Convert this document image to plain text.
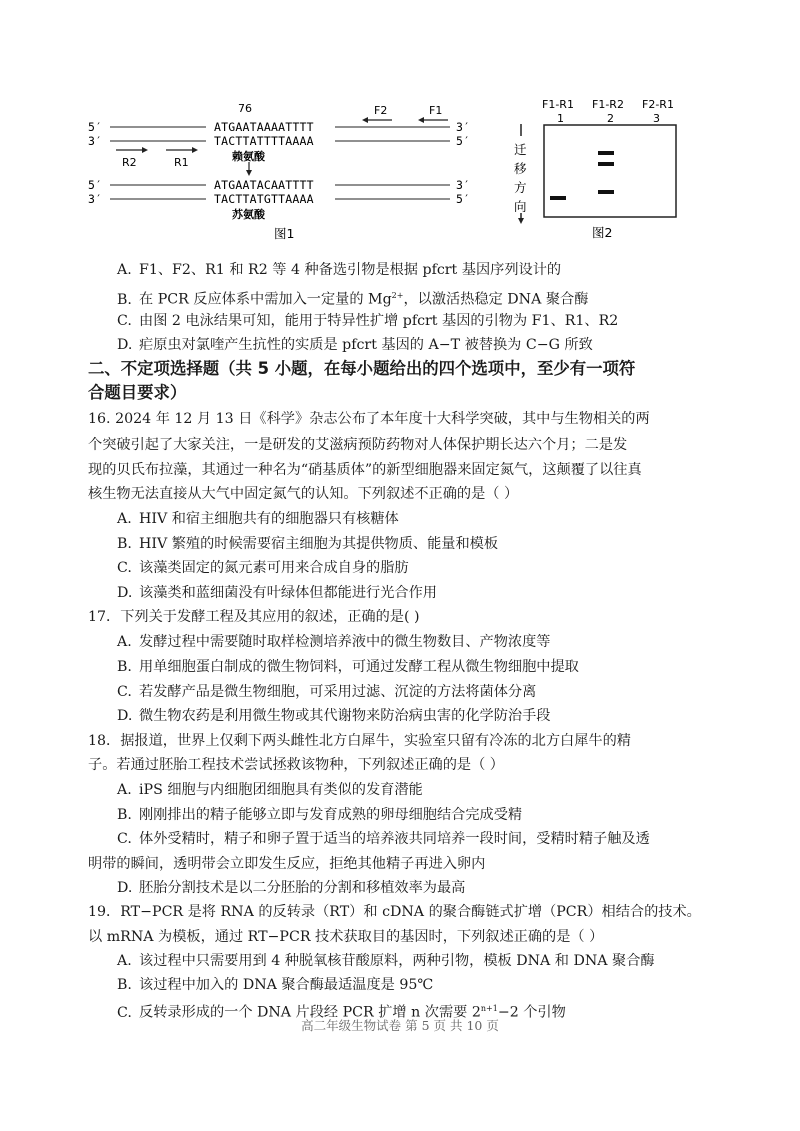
76
5′
3′
ATGAATAAAATTTT
TACTTATTTTAAAA
3′
5′
F2	F1
R2	R1	赖氨酸
5′
3′
ATGAATACAATTTT
TACTTATGTTAAAA
3′
5′
苏氨酸
图1
F1-R1 F1-R2 F2-R1
1	2	3
迁
移
方
向
图2
A. F1、F2、R1 和 R2 等 4 种备选引物是根据 pfcrt 基因序列设计的
B. 在 PCR 反应体系中需加入一定量的 $Mg^{2+}$，以激活热稳定 DNA 聚合酶
C. 由图 2 电泳结果可知，能用于特异性扩增 pfcrt 基因的引物为 F1、R1、R2
D. 疟原虫对氯喹产生抗性的实质是 pfcrt 基因的 A−T 被替换为 C−G 所致
二、不定项选择题（共 5 小题，在每小题给出的四个选项中，至少有一项符
合题目要求）
16. 2024 年 12 月 13 日《科学》杂志公布了本年度十大科学突破，其中与生物相关的两
个突破引起了大家关注，一是研发的艾滋病预防药物对人体保护期长达六个月；二是发
现的贝氏布拉藻，其通过一种名为“硝基质体”的新型细胞器来固定氮气，这颠覆了以往真
核生物无法直接从大气中固定氮气的认知。下列叙述不正确的是（ ）
A. HIV 和宿主细胞共有的细胞器只有核糖体
B. HIV 繁殖的时候需要宿主细胞为其提供物质、能量和模板
C. 该藻类固定的氮元素可用来合成自身的脂肪
D. 该藻类和蓝细菌没有叶绿体但都能进行光合作用
17．下列关于发酵工程及其应用的叙述，正确的是( )
A. 发酵过程中需要随时取样检测培养液中的微生物数目、产物浓度等
B. 用单细胞蛋白制成的微生物饲料，可通过发酵工程从微生物细胞中提取
C. 若发酵产品是微生物细胞，可采用过滤、沉淀的方法将菌体分离
D. 微生物农药是利用微生物或其代谢物来防治病虫害的化学防治手段
18．据报道，世界上仅剩下两头雌性北方白犀牛，实验室只留有冷冻的北方白犀牛的精
子。若通过胚胎工程技术尝试拯救该物种，下列叙述正确的是（ ）
A. iPS 细胞与内细胞团细胞具有类似的发育潜能
B. 刚刚排出的精子能够立即与发育成熟的卵母细胞结合完成受精
C. 体外受精时，精子和卵子置于适当的培养液共同培养一段时间，受精时精子触及透
明带的瞬间，透明带会立即发生反应，拒绝其他精子再进入卵内
D. 胚胎分割技术是以二分胚胎的分割和移植效率为最高
19．RT−PCR 是将 RNA 的反转录（RT）和 cDNA 的聚合酶链式扩增（PCR）相结合的技术。
以 mRNA 为模板，通过 RT−PCR 技术获取目的基因时，下列叙述正确的是（ ）
A. 该过程中只需要用到 4 种脱氧核苷酸原料，两种引物，模板 DNA 和 DNA 聚合酶
B. 该过程中加入的 DNA 聚合酶最适温度是 95℃
C. 反转录形成的一个 DNA 片段经 PCR 扩增 n 次需要 $2^{n+1}-2$ 个引物
高二年级生物试卷 第 5 页 共 10 页
